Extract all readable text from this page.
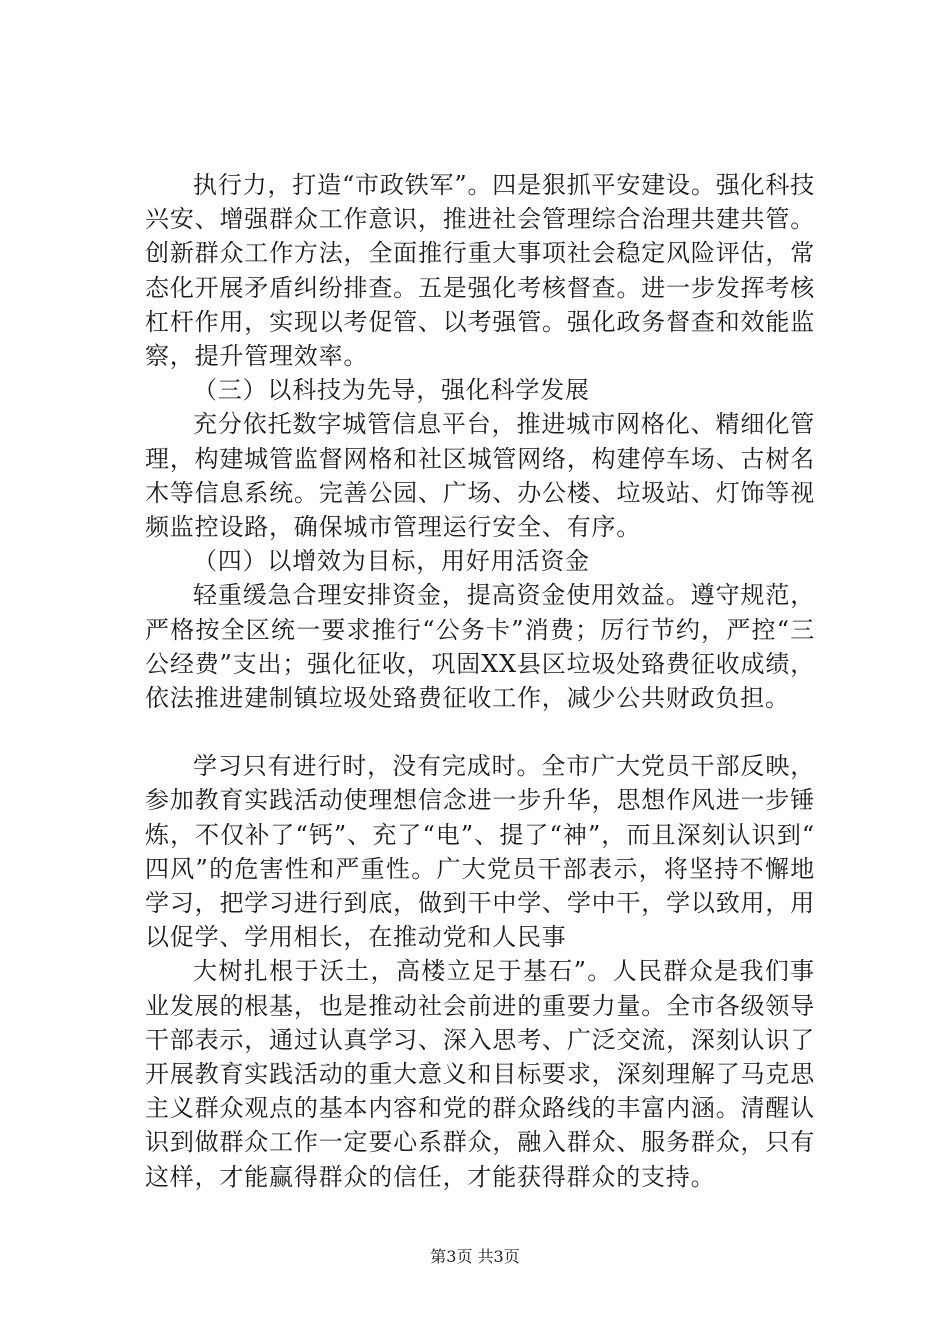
执行力，打造“市政铁军”。四是狠抓平安建设。强化科技兴安、增强群众工作意识，推进社会管理综合治理共建共管。创新群众工作方法，全面推行重大事项社会稳定风险评估，常态化开展矛盾纠纷排查。五是强化考核督查。进一步发挥考核杠杆作用，实现以考促管、以考强管。强化政务督查和效能监察，提升管理效率。

（三）以科技为先导，强化科学发展

充分依托数字城管信息平台，推进城市网格化、精细化管理，构建城管监督网格和社区城管网络，构建停车场、古树名木等信息系统。完善公园、广场、办公楼、垃圾站、灯饰等视频监控设路，确保城市管理运行安全、有序。

（四）以增效为目标，用好用活资金

轻重缓急合理安排资金，提高资金使用效益。遵守规范，严格按全区统一要求推行“公务卡”消费；厉行节约，严控“三公经费”支出；强化征收，巩固XX县区垃圾处臵费征收成绩，依法推进建制镇垃圾处臵费征收工作，减少公共财政负担。

学习只有进行时，没有完成时。全市广大党员干部反映，参加教育实践活动使理想信念进一步升华，思想作风进一步锤炼，不仅补了“钙”、充了“电”、提了“神”，而且深刻认识到“四风”的危害性和严重性。广大党员干部表示，将坚持不懈地学习，把学习进行到底，做到干中学、学中干，学以致用，用以促学、学用相长，在推动党和人民事

大树扎根于沃土，高楼立足于基石”。人民群众是我们事业发展的根基，也是推动社会前进的重要力量。全市各级领导干部表示，通过认真学习、深入思考、广泛交流，深刻认识了开展教育实践活动的重大意义和目标要求，深刻理解了马克思主义群众观点的基本内容和党的群众路线的丰富内涵。清醒认识到做群众工作一定要心系群众，融入群众、服务群众，只有这样，才能赢得群众的信任，才能获得群众的支持。

第3页 共3页
